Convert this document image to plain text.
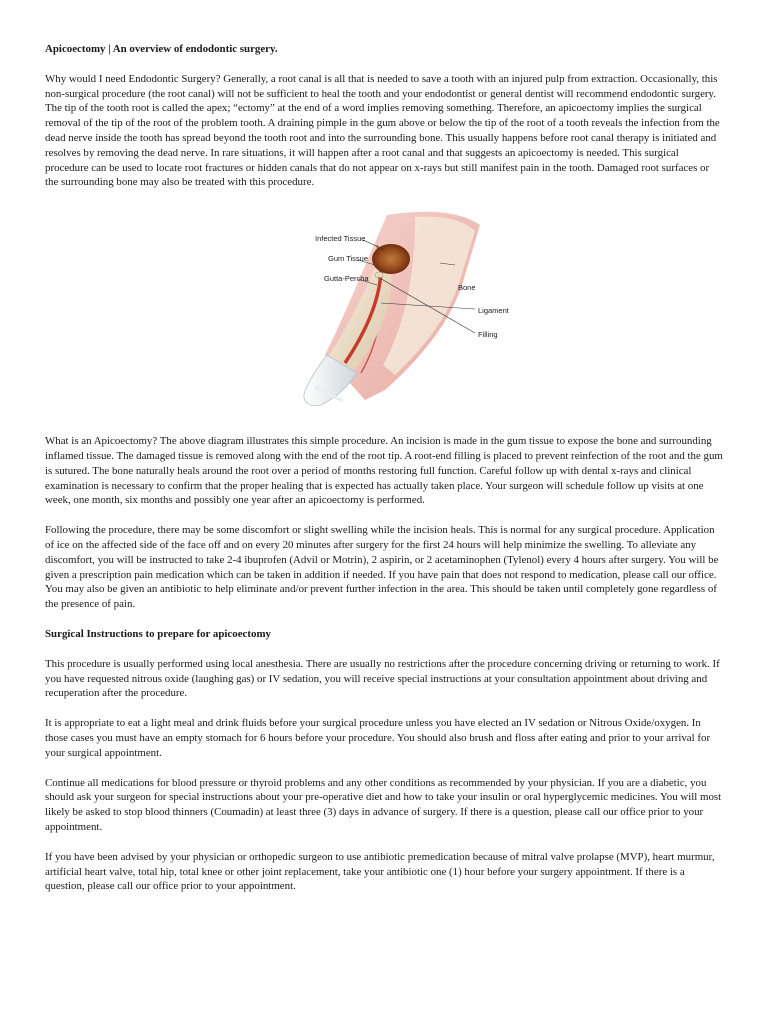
Apicoectomy | An overview of endodontic surgery.

Why would I need Endodontic Surgery? Generally, a root canal is all that is needed to save a tooth with an injured pulp from extraction. Occasionally, this non-surgical procedure (the root canal) will not be sufficient to heal the tooth and your endodontist or general dentist will recommend endodontic surgery. The tip of the tooth root is called the apex; “ectomy” at the end of a word implies removing something. Therefore, an apicoectomy implies the surgical removal of the tip of the root of the problem tooth. A draining pimple in the gum above or below the tip of the root of a tooth reveals the infection from the dead nerve inside the tooth has spread beyond the tooth root and into the surrounding bone. This usually happens before root canal therapy is initiated and resolves by removing the dead nerve. In rare situations, it will happen after a root canal and that suggests an apicoectomy is needed. This surgical procedure can be used to locate root fractures or hidden canals that do not appear on x-rays but still manifest pain in the tooth. Damaged root surfaces or the surrounding bone may also be treated with this procedure.

Infected Tissue
Gum Tissue
Gutta-Percha
Bone
Ligament
Filling

What is an Apicoectomy? The above diagram illustrates this simple procedure. An incision is made in the gum tissue to expose the bone and surrounding inflamed tissue. The damaged tissue is removed along with the end of the root tip. A root-end filling is placed to prevent reinfection of the root and the gum is sutured. The bone naturally heals around the root over a period of months restoring full function. Careful follow up with dental x-rays and clinical examination is necessary to confirm that the proper healing that is expected has actually taken place. Your surgeon will schedule follow up visits at one week, one month, six months and possibly one year after an apicoectomy is performed.

Following the procedure, there may be some discomfort or slight swelling while the incision heals. This is normal for any surgical procedure. Application of ice on the affected side of the face off and on every 20 minutes after surgery for the first 24 hours will help minimize the swelling. To alleviate any discomfort, you will be instructed to take 2-4 ibuprofen (Advil or Motrin), 2 aspirin, or 2 acetaminophen (Tylenol) every 4 hours after surgery. You will be given a prescription pain medication which can be taken in addition if needed. If you have pain that does not respond to medication, please call our office. You may also be given an antibiotic to help eliminate and/or prevent further infection in the area. This should be taken until completely gone regardless of the presence of pain.

Surgical Instructions to prepare for apicoectomy

This procedure is usually performed using local anesthesia. There are usually no restrictions after the procedure concerning driving or returning to work. If you have requested nitrous oxide (laughing gas) or IV sedation, you will receive special instructions at your consultation appointment about driving and recuperation after the procedure.

It is appropriate to eat a light meal and drink fluids before your surgical procedure unless you have elected an IV sedation or Nitrous Oxide/oxygen. In those cases you must have an empty stomach for 6 hours before your procedure. You should also brush and floss after eating and prior to your arrival for your surgical appointment.

Continue all medications for blood pressure or thyroid problems and any other conditions as recommended by your physician. If you are a diabetic, you should ask your surgeon for special instructions about your pre-operative diet and how to take your insulin or oral hyperglycemic medicines. You will most likely be asked to stop blood thinners (Coumadin) at least three (3) days in advance of surgery. If there is a question, please call our office prior to your appointment.

If you have been advised by your physician or orthopedic surgeon to use antibiotic premedication because of mitral valve prolapse (MVP), heart murmur, artificial heart valve, total hip, total knee or other joint replacement, take your antibiotic one (1) hour before your surgery appointment. If there is a question, please call our office prior to your appointment.
